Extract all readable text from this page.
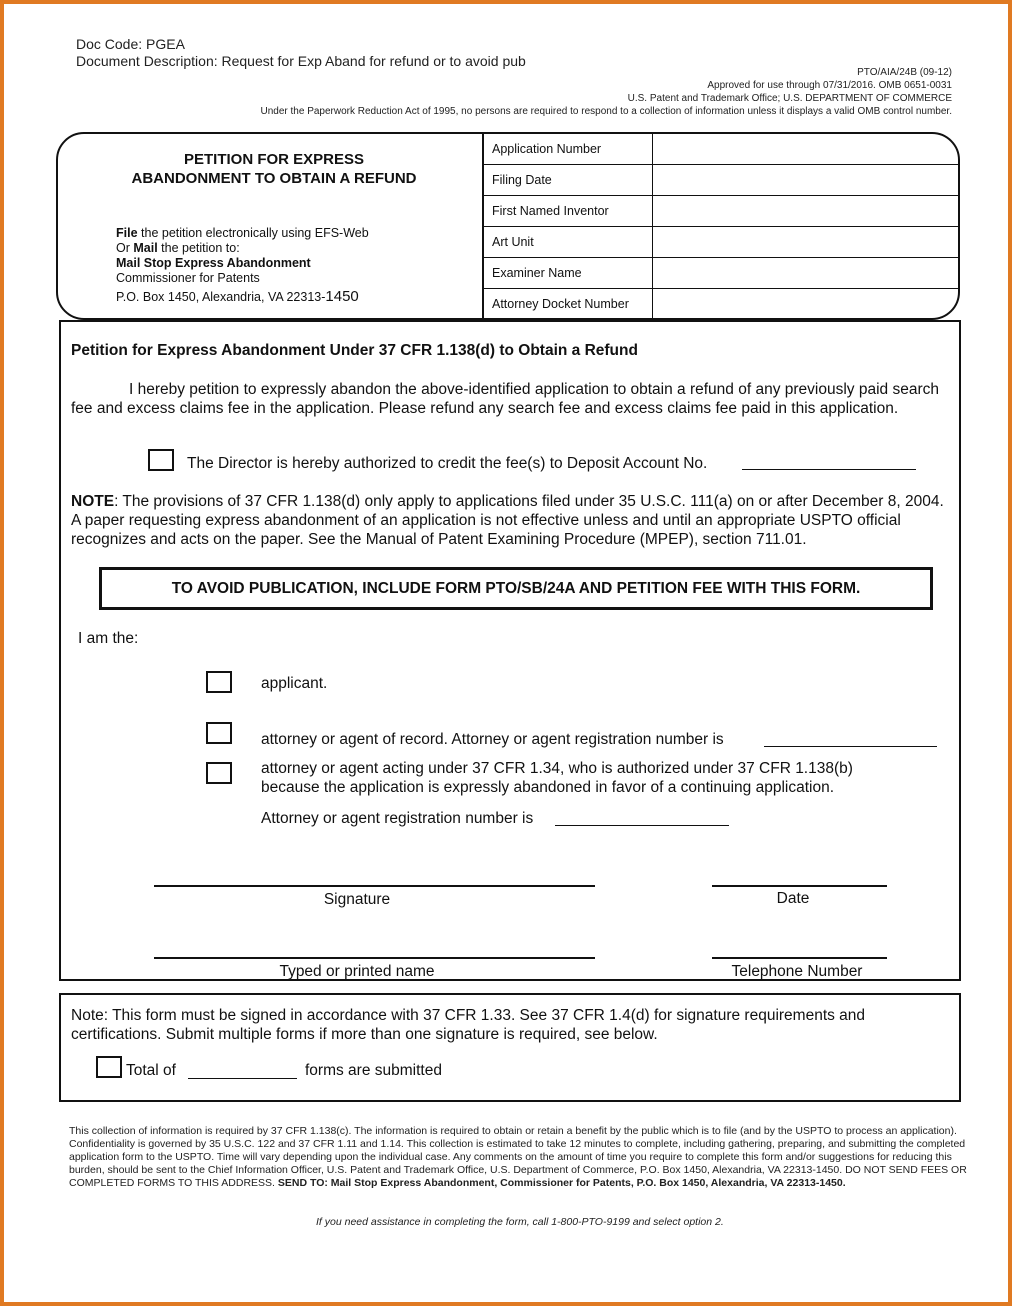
Doc Code: PGEA
Document Description: Request for Exp Aband for refund or to avoid pub
PTO/AIA/24B (09-12)
Approved for use through 07/31/2016. OMB 0651-0031
U.S. Patent and Trademark Office; U.S. DEPARTMENT OF COMMERCE
Under the Paperwork Reduction Act of 1995, no persons are required to respond to a collection of information unless it displays a valid OMB control number.
PETITION FOR EXPRESS
ABANDONMENT TO OBTAIN A REFUND
File the petition electronically using EFS-Web
Or Mail the petition to:
Mail Stop Express Abandonment
Commissioner for Patents
P.O. Box 1450, Alexandria, VA 22313-1450
Application Number
Filing Date
First Named Inventor
Art Unit
Examiner Name
Attorney Docket Number
Petition for Express Abandonment Under 37 CFR 1.138(d) to Obtain a Refund
I hereby petition to expressly abandon the above-identified application to obtain a refund of any previously paid search fee and excess claims fee in the application. Please refund any search fee and excess claims fee paid in this application.
The Director is hereby authorized to credit the fee(s) to Deposit Account No.
NOTE: The provisions of 37 CFR 1.138(d) only apply to applications filed under 35 U.S.C. 111(a) on or after December 8, 2004. A paper requesting express abandonment of an application is not effective unless and until an appropriate USPTO official recognizes and acts on the paper. See the Manual of Patent Examining Procedure (MPEP), section 711.01.
TO AVOID PUBLICATION, INCLUDE FORM PTO/SB/24A AND PETITION FEE WITH THIS FORM.
I am the:
applicant.
attorney or agent of record. Attorney or agent registration number is
attorney or agent acting under 37 CFR 1.34, who is authorized under 37 CFR 1.138(b)
because the application is expressly abandoned in favor of a continuing application.
Attorney or agent registration number is
Signature	Date
Typed or printed name	Telephone Number
Note: This form must be signed in accordance with 37 CFR 1.33. See 37 CFR 1.4(d) for signature requirements and certifications. Submit multiple forms if more than one signature is required, see below.
Total of	forms are submitted
This collection of information is required by 37 CFR 1.138(c). The information is required to obtain or retain a benefit by the public which is to file (and by the USPTO to process an application). Confidentiality is governed by 35 U.S.C. 122 and 37 CFR 1.11 and 1.14. This collection is estimated to take 12 minutes to complete, including gathering, preparing, and submitting the completed application form to the USPTO. Time will vary depending upon the individual case. Any comments on the amount of time you require to complete this form and/or suggestions for reducing this burden, should be sent to the Chief Information Officer, U.S. Patent and Trademark Office, U.S. Department of Commerce, P.O. Box 1450, Alexandria, VA 22313-1450. DO NOT SEND FEES OR COMPLETED FORMS TO THIS ADDRESS. SEND TO: Mail Stop Express Abandonment, Commissioner for Patents, P.O. Box 1450, Alexandria, VA 22313-1450.
If you need assistance in completing the form, call 1-800-PTO-9199 and select option 2.
